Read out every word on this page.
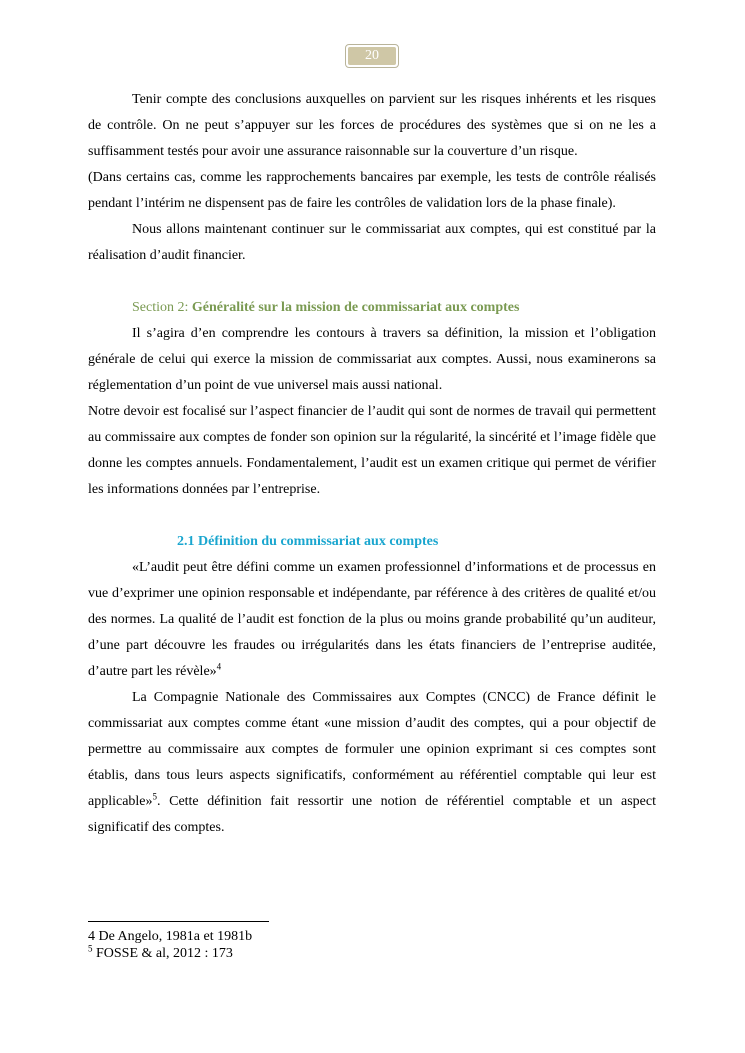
20

Tenir compte des conclusions auxquelles on parvient sur les risques inhérents et les risques de contrôle. On ne peut s’appuyer sur les forces de procédures des systèmes que si on ne les a suffisamment testés pour avoir une assurance raisonnable sur la couverture d’un risque.

(Dans certains cas, comme les rapprochements bancaires par exemple, les tests de contrôle réalisés pendant l’intérim ne dispensent pas de faire les contrôles de validation lors de la phase finale).

Nous allons maintenant continuer sur le commissariat aux comptes, qui est constitué par la réalisation d’audit financier.

Section 2: Généralité sur la mission de commissariat aux comptes

Il s’agira d’en comprendre les contours à travers sa définition, la mission et l’obligation générale de celui qui exerce la mission de commissariat aux comptes. Aussi, nous examinerons sa réglementation d’un point de vue universel mais aussi national.

Notre devoir est focalisé sur l’aspect financier de l’audit qui sont de normes de travail qui permettent au commissaire aux comptes de fonder son opinion sur la régularité, la sincérité et l’image fidèle que donne les comptes annuels. Fondamentalement, l’audit est un examen critique qui permet de vérifier les informations données par l’entreprise.

2.1 Définition du commissariat aux comptes

«L’audit peut être défini comme un examen professionnel d’informations et de processus en vue d’exprimer une opinion responsable et indépendante, par référence à des critères de qualité et/ou des normes. La qualité de l’audit est fonction de la plus ou moins grande probabilité qu’un auditeur, d’une part découvre les fraudes ou irrégularités dans les états financiers de l’entreprise auditée, d’autre part les révèle»$^4$

La Compagnie Nationale des Commissaires aux Comptes (CNCC) de France définit le commissariat aux comptes comme étant «une mission d’audit des comptes, qui a pour objectif de permettre au commissaire aux comptes de formuler une opinion exprimant si ces comptes sont établis, dans tous leurs aspects significatifs, conformément au référentiel comptable qui leur est applicable»$^5$. Cette définition fait ressortir une notion de référentiel comptable et un aspect significatif des comptes.

4 De Angelo, 1981a et 1981b

$^5$ FOSSE & al, 2012 : 173
